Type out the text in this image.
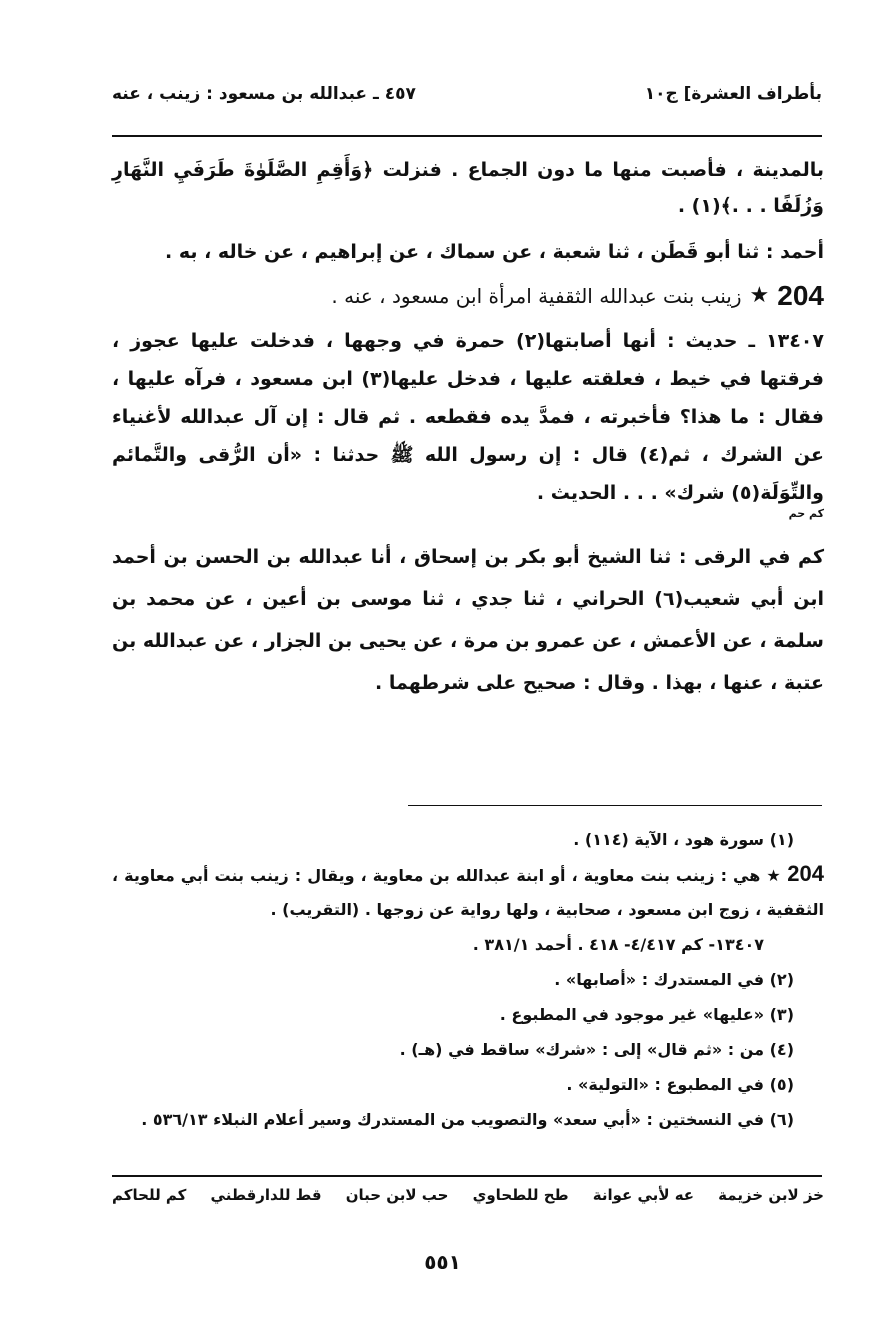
بأطراف العشرة] ج١٠
٤٥٧ ـ عبدالله بن مسعود : زينب ، عنه

بالمدينة ، فأصبت منها ما دون الجماع . فنزلت ﴿وَأَقِمِ الصَّلَوٰةَ طَرَفَيِ النَّهَارِ وَزُلَفًا . . .﴾(١) .

أحمد : ثنا أبو قَطَن ، ثنا شعبة ، عن سماك ، عن إبراهيم ، عن خاله ، به .

204
★
زينب بنت عبدالله الثقفية امرأة ابن مسعود ، عنه .

١٣٤٠٧ ـ حديث : أنها أصابتها(٢) حمرة في وجهها ، فدخلت عليها عجوز ، فرقتها في خيط ، فعلقته عليها ، فدخل عليها(٣) ابن مسعود ، فرآه عليها ، فقال : ما هذا؟ فأخبرته ، فمدَّ يده فقطعه . ثم قال : إن آل عبدالله لأغنياء عن الشرك ، ثم(٤) قال : إن رسول الله ﷺ حدثنا : «أن الرُّقى والتَّمائم والتِّوَلَة(٥) شرك» . . . الحديث .
كم حم

كم في الرقى : ثنا الشيخ أبو بكر بن إسحاق ، أنا عبدالله بن الحسن بن أحمد ابن أبي شعيب(٦) الحراني ، ثنا جدي ، ثنا موسى بن أعين ، عن محمد بن سلمة ، عن الأعمش ، عن عمرو بن مرة ، عن يحيى بن الجزار ، عن عبدالله بن عتبة ، عنها ، بهذا . وقال : صحيح على شرطهما .

(١) سورة هود ، الآية (١١٤) .

204 ★ هي : زينب بنت معاوية ، أو ابنة عبدالله بن معاوية ، ويقال : زينب بنت أبي معاوية ، الثقفية ، زوج ابن مسعود ، صحابية ، ولها رواية عن زوجها . (التقريب) .

١٣٤٠٧- كم ٤/٤١٧- ٤١٨ . أحمد ٣٨١/١ .

(٢) في المستدرك : «أصابها» .

(٣) «عليها» غير موجود في المطبوع .

(٤) من : «ثم قال» إلى : «شرك» ساقط في (هـ) .

(٥) في المطبوع : «التولية» .

(٦) في النسختين : «أبي سعد» والتصويب من المستدرك وسير أعلام النبلاء ٥٣٦/١٣ .

خز لابن خزيمة
عه لأبي عوانة
طح للطحاوي
حب لابن حبان
قط للدارقطني
كم للحاكم
٥٥١
